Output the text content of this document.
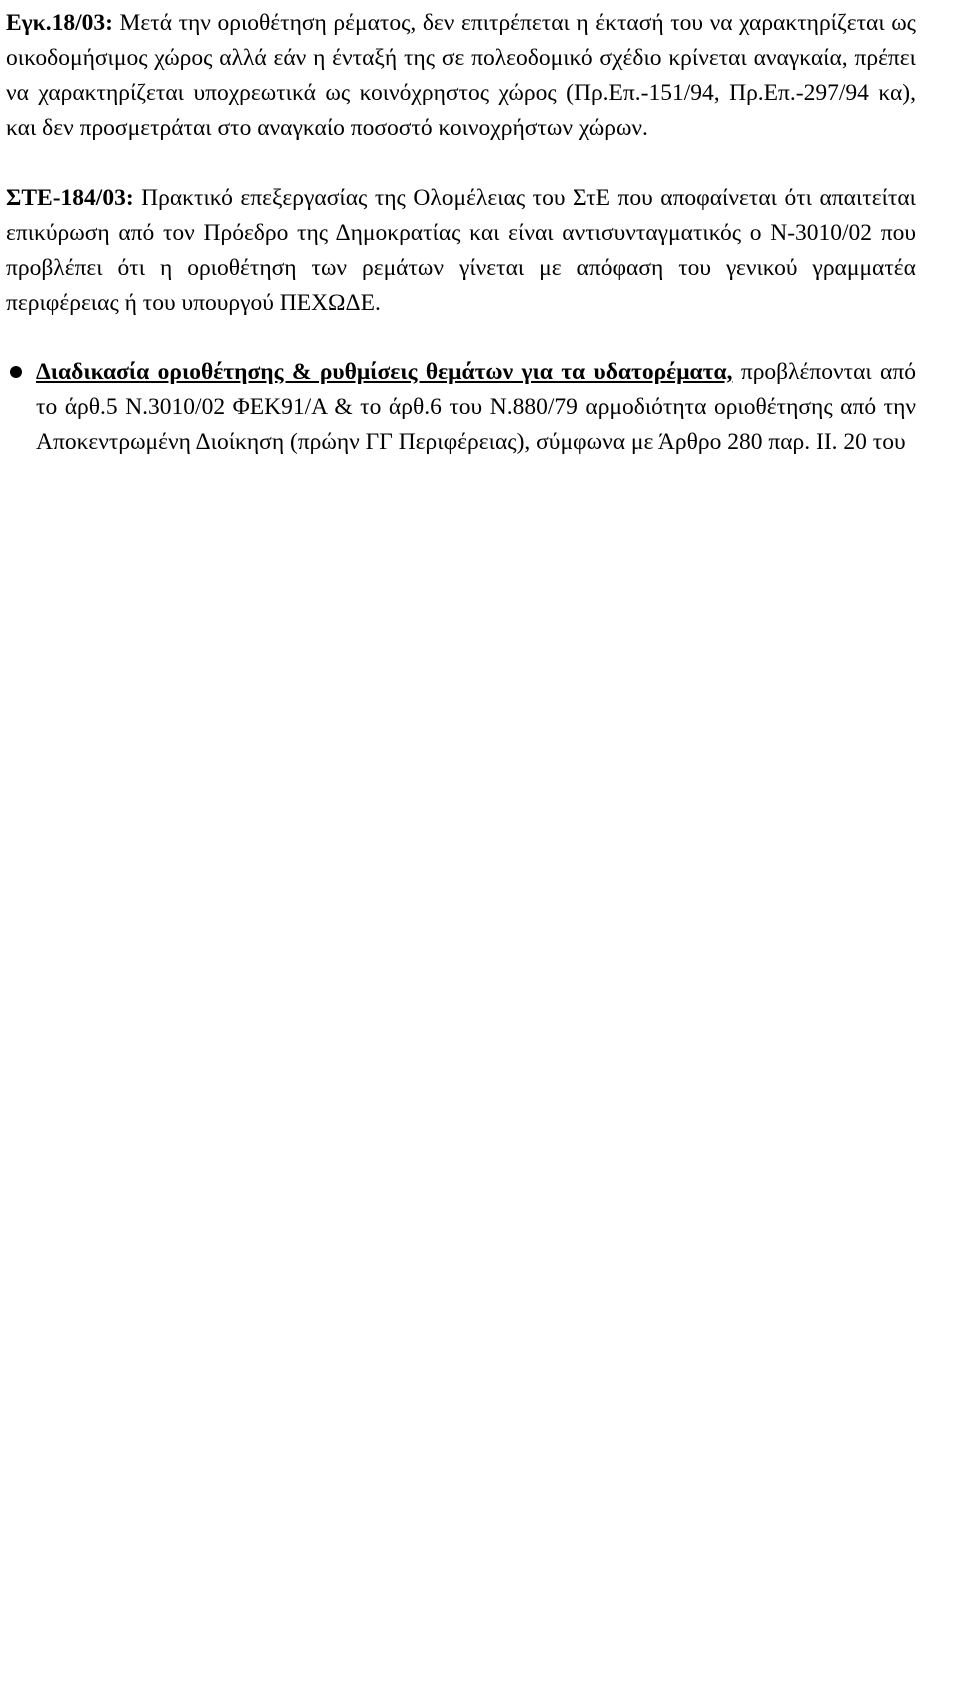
Εγκ.18/03: Μετά την οριοθέτηση ρέματος, δεν επιτρέπεται η έκτασή του να χαρακτηρίζεται ως οικοδομήσιμος χώρος αλλά εάν η ένταξή της σε πολεοδομικό σχέδιο κρίνεται αναγκαία, πρέπει να χαρακτηρίζεται υποχρεωτικά ως κοινόχρηστος χώρος (Πρ.Επ.-151/94, Πρ.Επ.-297/94 κα), και δεν προσμετράται στο αναγκαίο ποσοστό κοινοχρήστων χώρων.

ΣΤΕ-184/03: Πρακτικό επεξεργασίας της Ολομέλειας του ΣτΕ που αποφαίνεται ότι απαιτείται επικύρωση από τον Πρόεδρο της Δημοκρατίας και είναι αντισυνταγματικός ο Ν-3010/02 που προβλέπει ότι η οριοθέτηση των ρεμάτων γίνεται με απόφαση του γενικού γραμματέα περιφέρειας ή του υπουργού ΠΕΧΩΔΕ.

Διαδικασία οριοθέτησης & ρυθμίσεις θεμάτων για τα υδατορέματα, προβλέπονται από το άρθ.5 Ν.3010/02 ΦΕΚ91/Α & το άρθ.6 του Ν.880/79 αρμοδιότητα οριοθέτησης από την Αποκεντρωμένη Διοίκηση (πρώην ΓΓ Περιφέρειας), σύμφωνα με Άρθρο 280 παρ. ΙΙ. 20 του
